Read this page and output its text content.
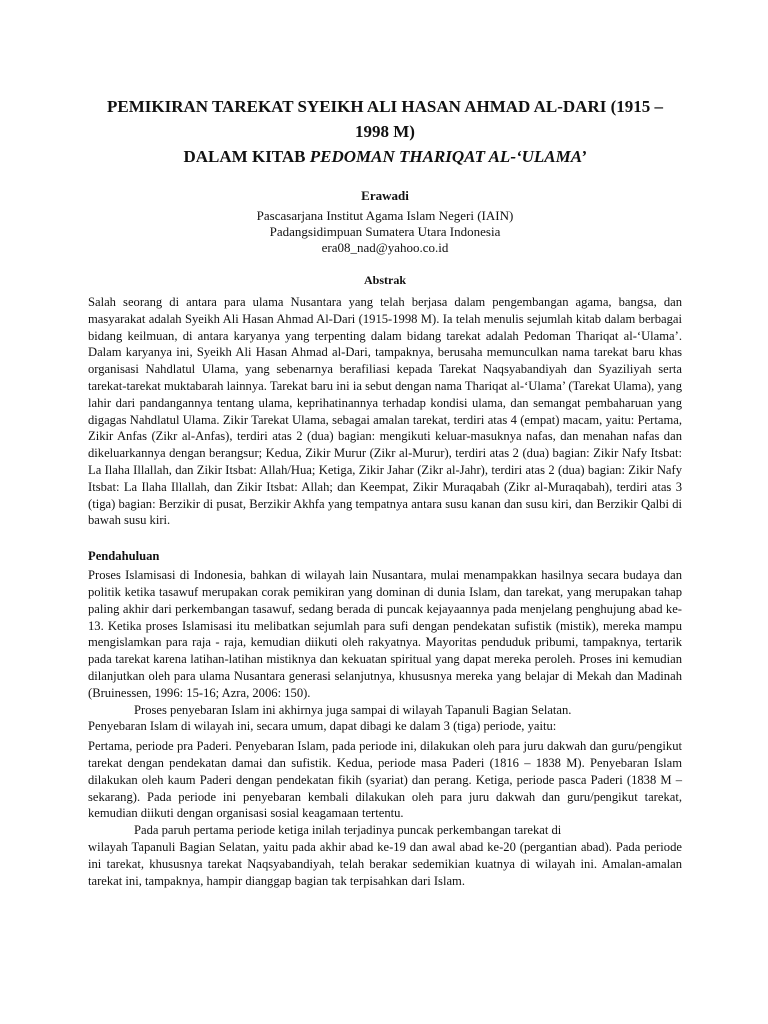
PEMIKIRAN TAREKAT SYEIKH ALI HASAN AHMAD AL-DARI (1915 –
1998 M)
DALAM KITAB PEDOMAN THARIQAT AL-‘ULAMA’

Erawadi

Pascasarjana Institut Agama Islam Negeri (IAIN)

Padangsidimpuan Sumatera Utara Indonesia

era08_nad@yahoo.co.id

Abstrak

Salah seorang di antara para ulama Nusantara yang telah berjasa dalam pengembangan agama, bangsa, dan masyarakat adalah Syeikh Ali Hasan Ahmad Al-Dari (1915-1998 M). Ia telah menulis sejumlah kitab dalam berbagai bidang keilmuan, di antara karyanya yang terpenting dalam bidang tarekat adalah Pedoman Thariqat al-‘Ulama’. Dalam karyanya ini, Syeikh Ali Hasan Ahmad al-Dari, tampaknya, berusaha memunculkan nama tarekat baru khas organisasi Nahdlatul Ulama, yang sebenarnya berafiliasi kepada Tarekat Naqsyabandiyah dan Syaziliyah serta tarekat-tarekat muktabarah lainnya. Tarekat baru ini ia sebut dengan nama Thariqat al-‘Ulama’ (Tarekat Ulama), yang lahir dari pandangannya tentang ulama, keprihatinannya terhadap kondisi ulama, dan semangat pembaharuan yang digagas Nahdlatul Ulama. Zikir Tarekat Ulama, sebagai amalan tarekat, terdiri atas 4 (empat) macam, yaitu: Pertama, Zikir Anfas (Zikr al-Anfas), terdiri atas 2 (dua) bagian: mengikuti keluar-masuknya nafas, dan menahan nafas dan dikeluarkannya dengan berangsur; Kedua, Zikir Murur (Zikr al-Murur), terdiri atas 2 (dua) bagian: Zikir Nafy Itsbat: La Ilaha Illallah, dan Zikir Itsbat: Allah/Hua; Ketiga, Zikir Jahar (Zikr al-Jahr), terdiri atas 2 (dua) bagian: Zikir Nafy Itsbat: La Ilaha Illallah, dan Zikir Itsbat: Allah; dan Keempat, Zikir Muraqabah (Zikr al-Muraqabah), terdiri atas 3 (tiga) bagian: Berzikir di pusat, Berzikir Akhfa yang tempatnya antara susu kanan dan susu kiri, dan Berzikir Qalbi di bawah susu kiri.

Pendahuluan

Proses Islamisasi di Indonesia, bahkan di wilayah lain Nusantara, mulai menampakkan hasilnya secara budaya dan politik ketika tasawuf merupakan corak pemikiran yang dominan di dunia Islam, dan tarekat, yang merupakan tahap paling akhir dari perkembangan tasawuf, sedang berada di puncak kejayaannya pada menjelang penghujung abad ke-13. Ketika proses Islamisasi itu melibatkan sejumlah para sufi dengan pendekatan sufistik (mistik), mereka mampu mengislamkan para raja - raja, kemudian diikuti oleh rakyatnya. Mayoritas penduduk pribumi, tampaknya, tertarik pada tarekat karena latihan-latihan mistiknya dan kekuatan spiritual yang dapat mereka peroleh. Proses ini kemudian dilanjutkan oleh para ulama Nusantara generasi selanjutnya, khususnya mereka yang belajar di Mekah dan Madinah (Bruinessen, 1996: 15-16; Azra, 2006: 150).

Proses penyebaran Islam ini akhirnya juga sampai di wilayah Tapanuli Bagian Selatan.

Penyebaran Islam di wilayah ini, secara umum, dapat dibagi ke dalam 3 (tiga) periode, yaitu:

Pertama, periode pra Paderi. Penyebaran Islam, pada periode ini, dilakukan oleh para juru dakwah dan guru/pengikut tarekat dengan pendekatan damai dan sufistik. Kedua, periode masa Paderi (1816 – 1838 M). Penyebaran Islam dilakukan oleh kaum Paderi dengan pendekatan fikih (syariat) dan perang. Ketiga, periode pasca Paderi (1838 M – sekarang). Pada periode ini penyebaran kembali dilakukan oleh para juru dakwah dan guru/pengikut tarekat, kemudian diikuti dengan organisasi sosial keagamaan tertentu.

Pada paruh pertama periode ketiga inilah terjadinya puncak perkembangan tarekat di

wilayah Tapanuli Bagian Selatan, yaitu pada akhir abad ke-19 dan awal abad ke-20 (pergantian abad). Pada periode ini tarekat, khususnya tarekat Naqsyabandiyah, telah berakar sedemikian kuatnya di wilayah ini. Amalan-amalan tarekat ini, tampaknya, hampir dianggap bagian tak terpisahkan dari Islam.
